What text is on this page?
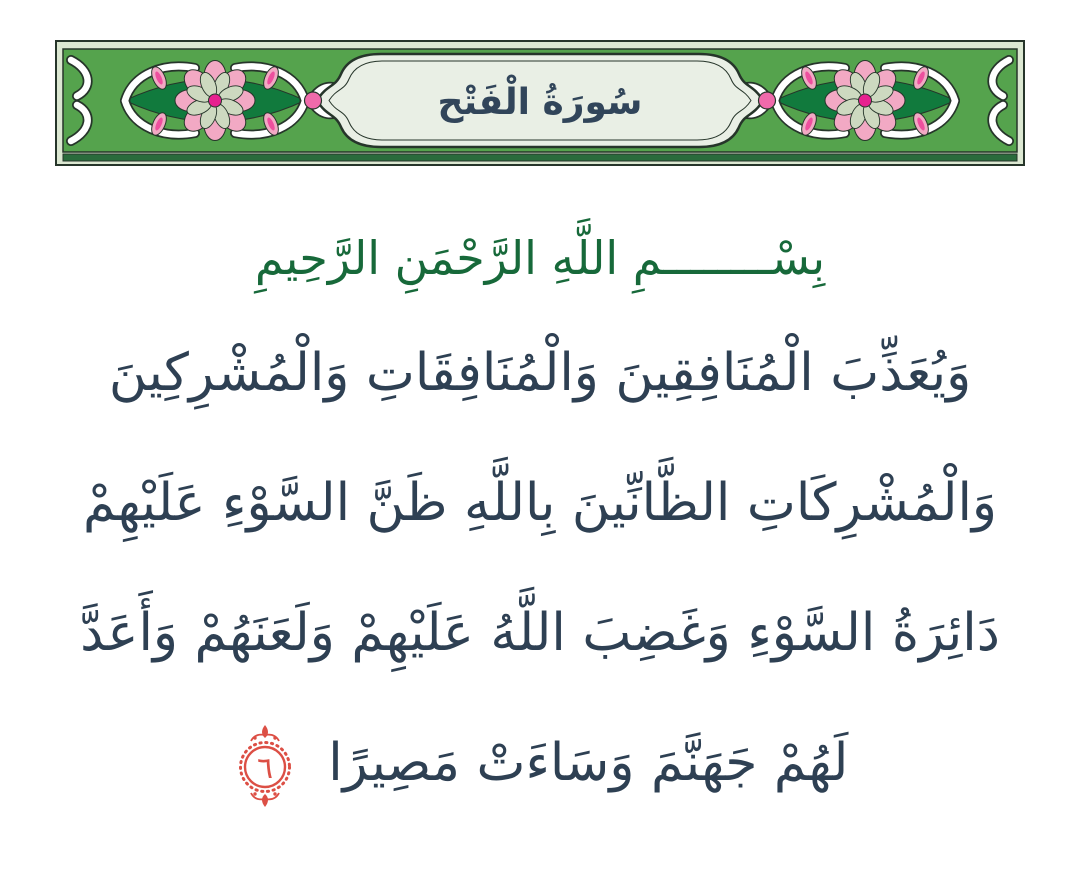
سُورَةُ الْفَتْح
بِسْــــــــمِ اللَّهِ الرَّحْمَنِ الرَّحِيمِ
وَيُعَذِّبَ الْمُنَافِقِينَ وَالْمُنَافِقَاتِ وَالْمُشْرِكِينَ
وَالْمُشْرِكَاتِ الظَّانِّينَ بِاللَّهِ ظَنَّ السَّوْءِ عَلَيْهِمْ
دَائِرَةُ السَّوْءِ وَغَضِبَ اللَّهُ عَلَيْهِمْ وَلَعَنَهُمْ وَأَعَدَّ
لَهُمْ جَهَنَّمَ وَسَاءَتْ مَصِيرًا
٦
